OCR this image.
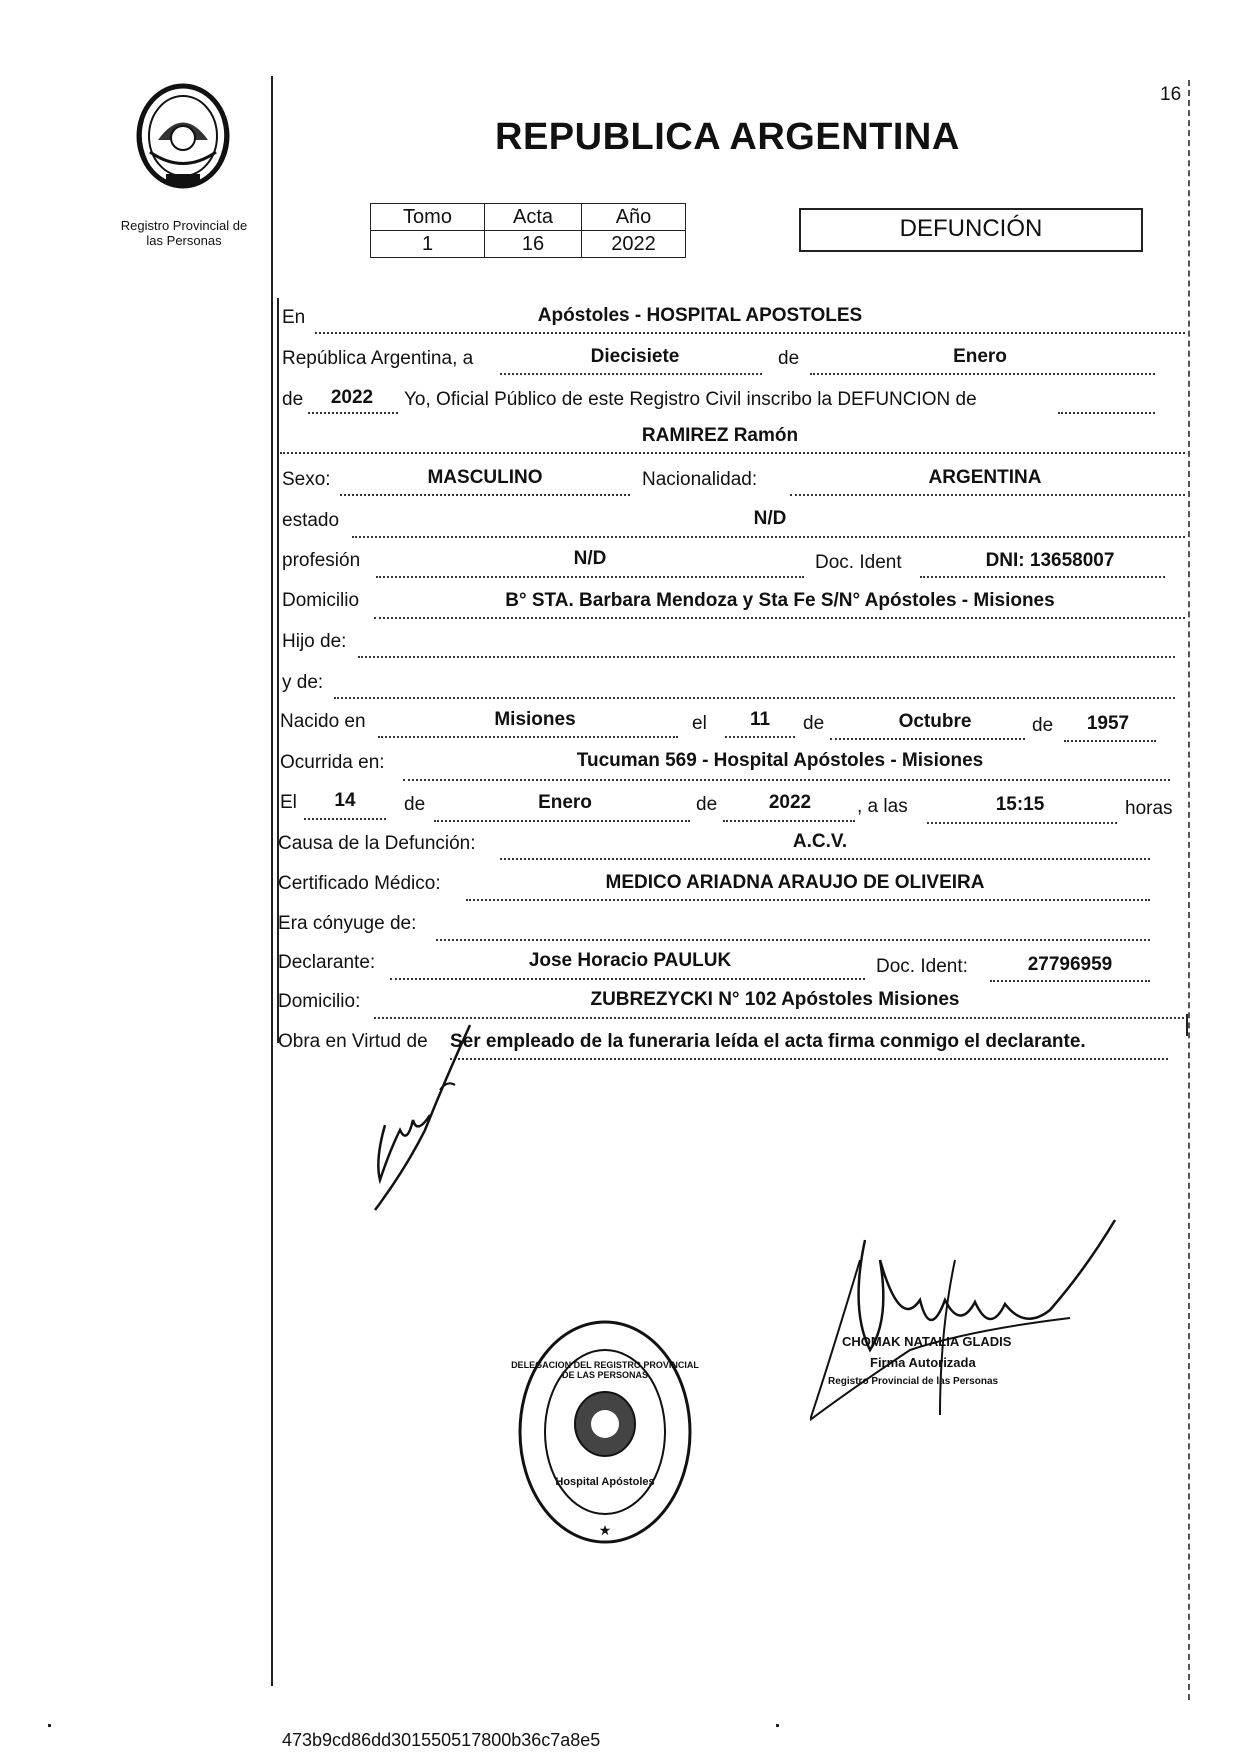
Registro Provincial de
las Personas
16
REPUBLICA ARGENTINA
Tomo	Acta	Año
1	16	2022
DEFUNCIÓN
En	Apóstoles - HOSPITAL APOSTOLES
República Argentina, a	Diecisiete	de	Enero
de	2022	Yo, Oficial Público de este Registro Civil inscribo la DEFUNCION de
RAMIREZ Ramón
Sexo:	MASCULINO	Nacionalidad:	ARGENTINA
estado	N/D
profesión	N/D	Doc. Ident	DNI: 13658007
Domicilio	B° STA. Barbara Mendoza y Sta Fe S/N° Apóstoles - Misiones
Hijo de:
y de:
Nacido en	Misiones	el	11	de	Octubre	de	1957
Ocurrida en:	Tucuman 569 - Hospital Apóstoles - Misiones
El	14	de	Enero	de	2022	, a las	15:15	horas
Causa de la Defunción:	A.C.V.
Certificado Médico:	MEDICO ARIADNA ARAUJO DE OLIVEIRA
Era cónyuge de:
Declarante:	Jose Horacio PAULUK	Doc. Ident:	27796959
Domicilio:	ZUBREZYCKI N° 102 Apóstoles Misiones
Obra en Virtud de Ser empleado de la funeraria leída el acta firma conmigo el declarante.
★
DELEGACION DEL REGISTRO PROVINCIAL DE LAS PERSONAS
Hospital Apóstoles
CHOMAK NATALIA GLADIS
Firma Autorizada
Registro Provincial de las Personas
473b9cd86dd301550517800b36c7a8e5
